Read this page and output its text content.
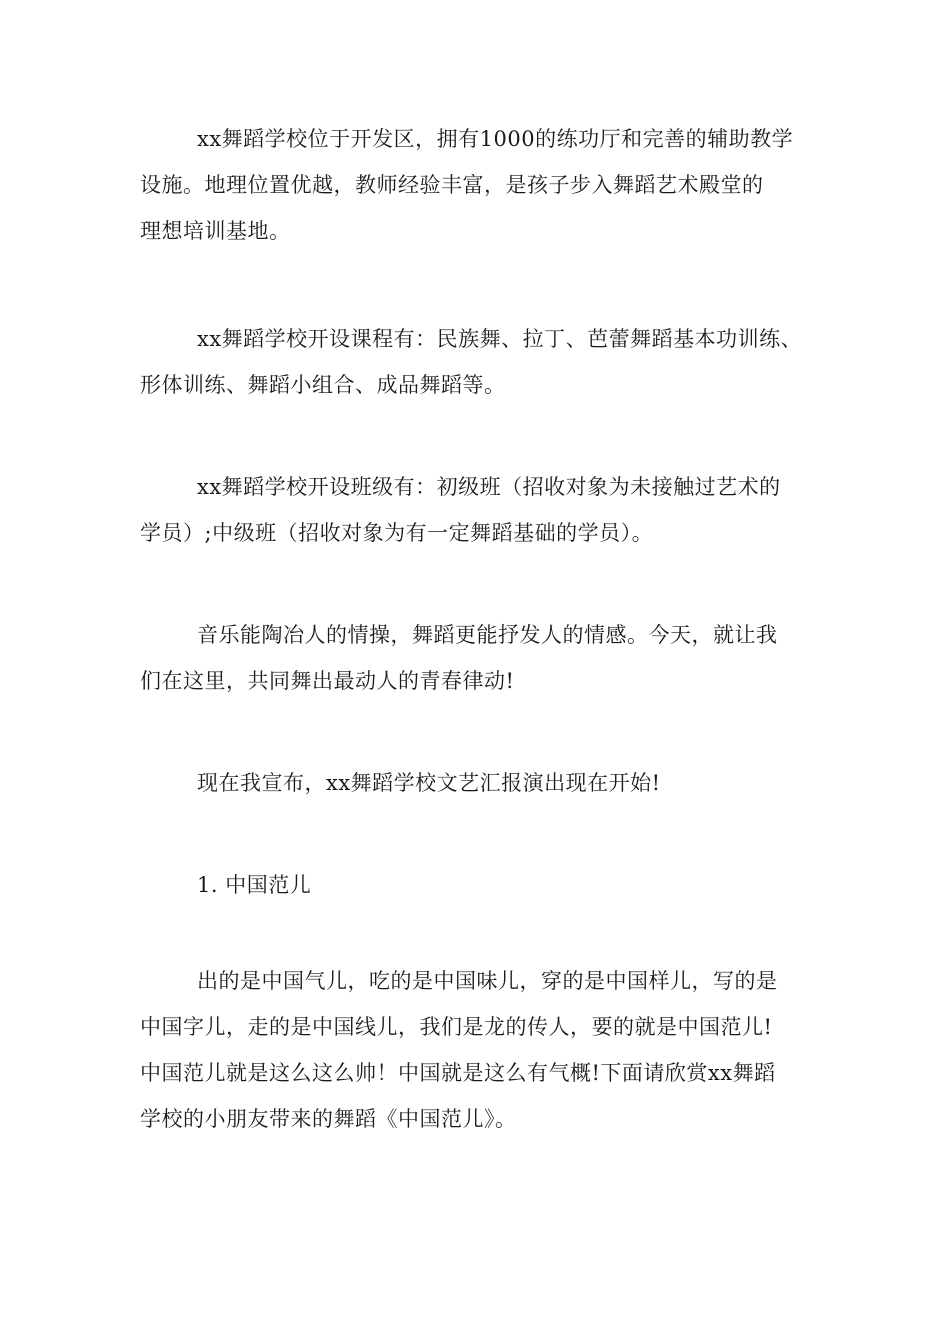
xx舞蹈学校位于开发区，拥有1000的练功厅和完善的辅助教学
设施。地理位置优越，教师经验丰富，是孩子步入舞蹈艺术殿堂的
理想培训基地。
xx舞蹈学校开设课程有：民族舞、拉丁、芭蕾舞蹈基本功训练、
形体训练、舞蹈小组合、成品舞蹈等。
xx舞蹈学校开设班级有：初级班（招收对象为未接触过艺术的
学员）;中级班（招收对象为有一定舞蹈基础的学员）。
音乐能陶冶人的情操，舞蹈更能抒发人的情感。今天，就让我
们在这里，共同舞出最动人的青春律动!
现在我宣布，xx舞蹈学校文艺汇报演出现在开始!
1. 中国范儿
出的是中国气儿，吃的是中国味儿，穿的是中国样儿，写的是
中国字儿，走的是中国线儿，我们是龙的传人，要的就是中国范儿!
中国范儿就是这么这么帅！中国就是这么有气概!下面请欣赏xx舞蹈
学校的小朋友带来的舞蹈《中国范儿》。
